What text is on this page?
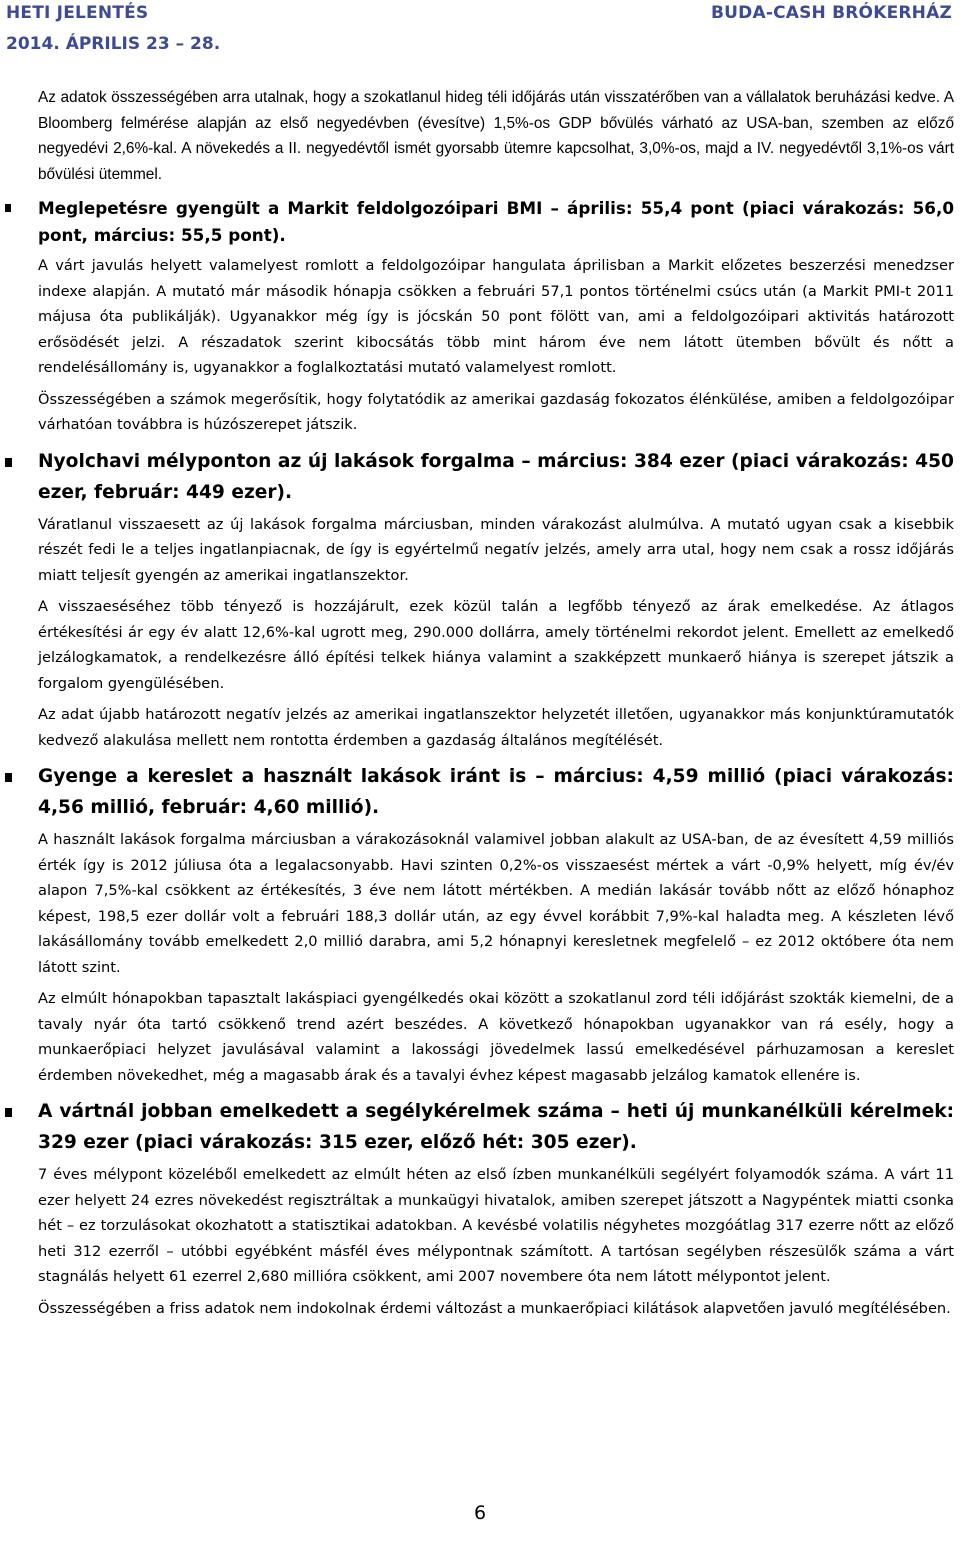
HETI JELENTÉS	BUDA-CASH BRÓKERHÁZ
2014. ÁPRILIS 23 – 28.

Az adatok összességében arra utalnak, hogy a szokatlanul hideg téli időjárás után visszatérőben van a vállalatok beruházási kedve. A Bloomberg felmérése alapján az első negyedévben (évesítve) 1,5%-os GDP bővülés várható az USA-ban, szemben az előző negyedévi 2,6%-kal. A növekedés a II. negyedévtől ismét gyorsabb ütemre kapcsolhat, 3,0%-os, majd a IV. negyedévtől 3,1%-os várt bővülési ütemmel.

Meglepetésre gyengült a Markit feldolgozóipari BMI – április: 55,4 pont (piaci várakozás: 56,0 pont, március: 55,5 pont).

A várt javulás helyett valamelyest romlott a feldolgozóipar hangulata áprilisban a Markit előzetes beszerzési menedzser indexe alapján. A mutató már második hónapja csökken a februári 57,1 pontos történelmi csúcs után (a Markit PMI-t 2011 májusa óta publikálják). Ugyanakkor még így is jócskán 50 pont fölött van, ami a feldolgozóipari aktivitás határozott erősödését jelzi. A részadatok szerint kibocsátás több mint három éve nem látott ütemben bővült és nőtt a rendelésállomány is, ugyanakkor a foglalkoztatási mutató valamelyest romlott.

Összességében a számok megerősítik, hogy folytatódik az amerikai gazdaság fokozatos élénkülése, amiben a feldolgozóipar várhatóan továbbra is húzószerepet játszik.

Nyolchavi mélyponton az új lakások forgalma – március: 384 ezer (piaci várakozás: 450 ezer, február: 449 ezer).

Váratlanul visszaesett az új lakások forgalma márciusban, minden várakozást alulmúlva. A mutató ugyan csak a kisebbik részét fedi le a teljes ingatlanpiacnak, de így is egyértelmű negatív jelzés, amely arra utal, hogy nem csak a rossz időjárás miatt teljesít gyengén az amerikai ingatlanszektor.

A visszaeséséhez több tényező is hozzájárult, ezek közül talán a legfőbb tényező az árak emelkedése. Az átlagos értékesítési ár egy év alatt 12,6%-kal ugrott meg, 290.000 dollárra, amely történelmi rekordot jelent. Emellett az emelkedő jelzálogkamatok, a rendelkezésre álló építési telkek hiánya valamint a szakképzett munkaerő hiánya is szerepet játszik a forgalom gyengülésében.

Az adat újabb határozott negatív jelzés az amerikai ingatlanszektor helyzetét illetően, ugyanakkor más konjunktúramutatók kedvező alakulása mellett nem rontotta érdemben a gazdaság általános megítélését.

Gyenge a kereslet a használt lakások iránt is – március: 4,59 millió (piaci várakozás: 4,56 millió, február: 4,60 millió).

A használt lakások forgalma márciusban a várakozásoknál valamivel jobban alakult az USA-ban, de az évesített 4,59 milliós érték így is 2012 júliusa óta a legalacsonyabb. Havi szinten 0,2%-os visszaesést mértek a várt -0,9% helyett, míg év/év alapon 7,5%-kal csökkent az értékesítés, 3 éve nem látott mértékben. A medián lakásár tovább nőtt az előző hónaphoz képest, 198,5 ezer dollár volt a februári 188,3 dollár után, az egy évvel korábbit 7,9%-kal haladta meg. A készleten lévő lakásállomány tovább emelkedett 2,0 millió darabra, ami 5,2 hónapnyi keresletnek megfelelő – ez 2012 októbere óta nem látott szint.

Az elmúlt hónapokban tapasztalt lakáspiaci gyengélkedés okai között a szokatlanul zord téli időjárást szokták kiemelni, de a tavaly nyár óta tartó csökkenő trend azért beszédes. A következő hónapokban ugyanakkor van rá esély, hogy a munkaerőpiaci helyzet javulásával valamint a lakossági jövedelmek lassú emelkedésével párhuzamosan a kereslet érdemben növekedhet, még a magasabb árak és a tavalyi évhez képest magasabb jelzálog kamatok ellenére is.

A vártnál jobban emelkedett a segélykérelmek száma – heti új munkanélküli kérelmek: 329 ezer (piaci várakozás: 315 ezer, előző hét: 305 ezer).

7 éves mélypont közeléből emelkedett az elmúlt héten az első ízben munkanélküli segélyért folyamodók száma. A várt 11 ezer helyett 24 ezres növekedést regisztráltak a munkaügyi hivatalok, amiben szerepet játszott a Nagypéntek miatti csonka hét – ez torzulásokat okozhatott a statisztikai adatokban. A kevésbé volatilis négyhetes mozgóátlag 317 ezerre nőtt az előző heti 312 ezerről – utóbbi egyébként másfél éves mélypontnak számított. A tartósan segélyben részesülők száma a várt stagnálás helyett 61 ezerrel 2,680 millióra csökkent, ami 2007 novembere óta nem látott mélypontot jelent.

Összességében a friss adatok nem indokolnak érdemi változást a munkaerőpiaci kilátások alapvetően javuló megítélésében.

6
